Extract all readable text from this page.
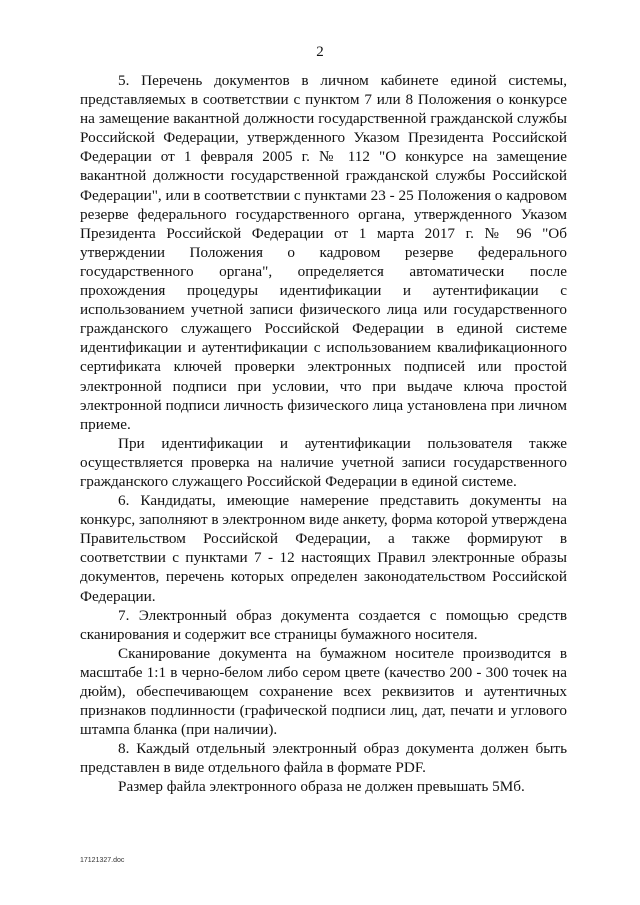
2

5. Перечень документов в личном кабинете единой системы, представляемых в соответствии с пунктом 7 или 8 Положения о конкурсе на замещение вакантной должности государственной гражданской службы Российской Федерации, утвержденного Указом Президента Российской Федерации от 1 февраля 2005 г. № 112 "О конкурсе на замещение вакантной должности государственной гражданской службы Российской Федерации", или в соответствии с пунктами 23 - 25 Положения о кадровом резерве федерального государственного органа, утвержденного Указом Президента Российской Федерации от 1 марта 2017 г. № 96 "Об утверждении Положения о кадровом резерве федерального государственного органа", определяется автоматически после прохождения процедуры идентификации и аутентификации с использованием учетной записи физического лица или государственного гражданского служащего Российской Федерации в единой системе идентификации и аутентификации с использованием квалификационного сертификата ключей проверки электронных подписей или простой электронной подписи при условии, что при выдаче ключа простой электронной подписи личность физического лица установлена при личном приеме.

При идентификации и аутентификации пользователя также осуществляется проверка на наличие учетной записи государственного гражданского служащего Российской Федерации в единой системе.

6. Кандидаты, имеющие намерение представить документы на конкурс, заполняют в электронном виде анкету, форма которой утверждена Правительством Российской Федерации, а также формируют в соответствии с пунктами 7 - 12 настоящих Правил электронные образы документов, перечень которых определен законодательством Российской Федерации.

7. Электронный образ документа создается с помощью средств сканирования и содержит все страницы бумажного носителя.

Сканирование документа на бумажном носителе производится в масштабе 1:1 в черно-белом либо сером цвете (качество 200 - 300 точек на дюйм), обеспечивающем сохранение всех реквизитов и аутентичных признаков подлинности (графической подписи лиц, дат, печати и углового штампа бланка (при наличии).

8. Каждый отдельный электронный образ документа должен быть представлен в виде отдельного файла в формате PDF.

Размер файла электронного образа не должен превышать 5Мб.

17121327.doc
